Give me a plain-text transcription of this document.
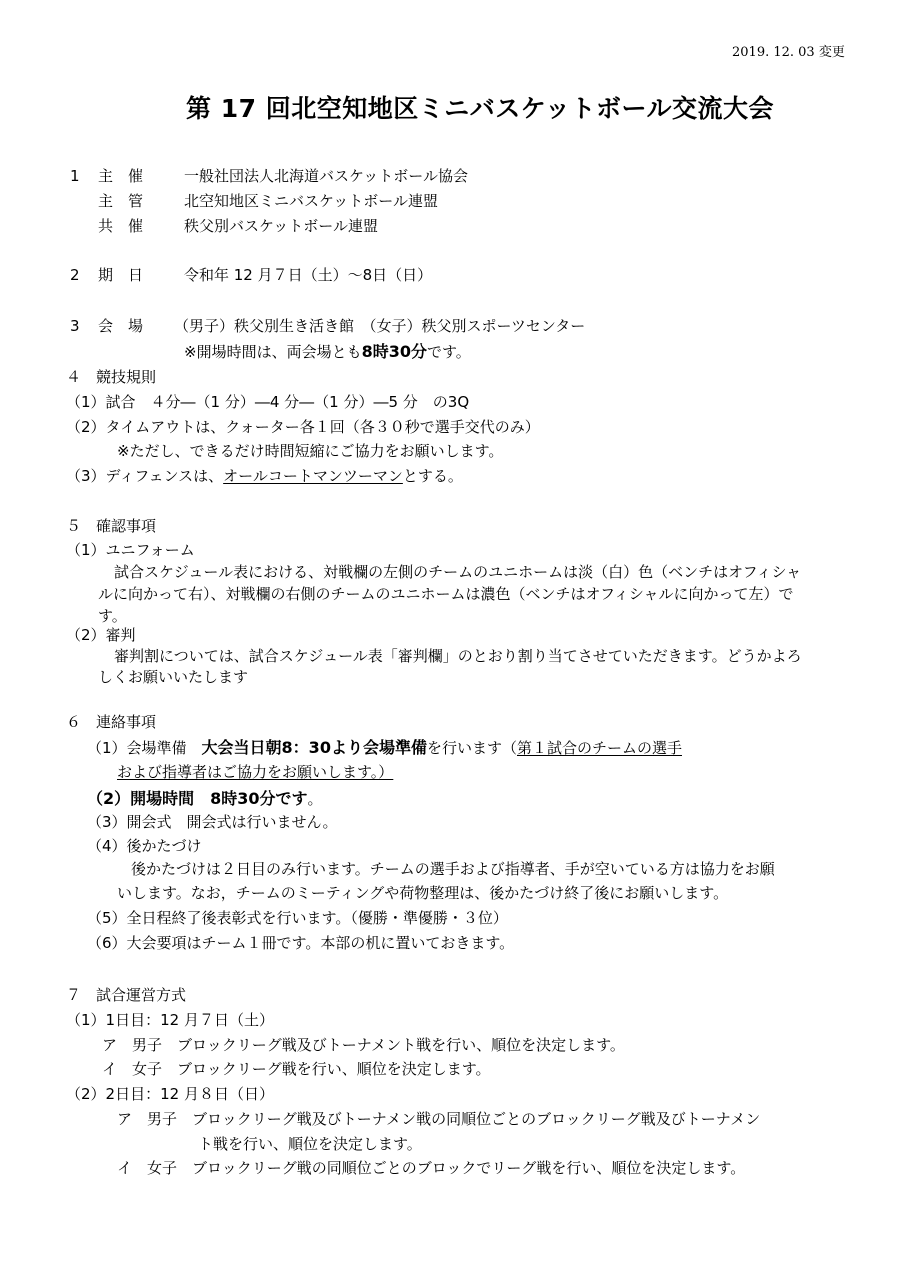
2019. 12. 03 変更
第 17 回北空知地区ミニバスケットボール交流大会
1 主　催	一般社団法人北海道バスケットボール協会
主　管	北空知地区ミニバスケットボール連盟
共　催	秩父別バスケットボール連盟
2 期　日	令和年 12 月７日（土）～8日（日）
3 会　場 （男子）秩父別生き活き館　（女子）秩父別スポーツセンター
※開場時間は、両会場とも8時30分です。
４　競技規則
（1）試合　４分―（1 分）―4 分―（1 分）―5 分　の3Q
（2）タイムアウトは、クォーター各１回（各３０秒で選手交代のみ）
※ただし、できるだけ時間短縮にご協力をお願いします。
（3）ディフェンスは、オールコートマンツーマンとする。
５　確認事項
（1）ユニフォーム
試合スケジュール表における、対戦欄の左側のチームのユニホームは淡（白）色（ベンチはオフィシャ
ルに向かって右）、対戦欄の右側のチームのユニホームは濃色（ベンチはオフィシャルに向かって左）で
す。
（2）審判
審判割については、試合スケジュール表「審判欄」のとおり割り当てさせていただきます。どうかよろ
しくお願いいたします
６　連絡事項
（1）会場準備　大会当日朝8：30より会場準備を行います（第１試合のチームの選手
および指導者はご協力をお願いします。）
（2）開場時間　8時30分です。
（3）開会式　開会式は行いません。
（4）後かたづけ
後かたづけは２日目のみ行います。チームの選手および指導者、手が空いている方は協力をお願
いします。なお，チームのミーティングや荷物整理は、後かたづけ終了後にお願いします。
（5）全日程終了後表彰式を行います。（優勝・準優勝・３位）
（6）大会要項はチーム１冊です。本部の机に置いておきます。
７　試合運営方式
（1）1日目：12 月７日（土）
ア　男子　ブロックリーグ戦及びトーナメント戦を行い、順位を決定します。
イ　女子　ブロックリーグ戦を行い、順位を決定します。
（2）2日目：12 月８日（日）
ア　男子　ブロックリーグ戦及びトーナメン戦の同順位ごとのブロックリーグ戦及びトーナメン
ト戦を行い、順位を決定します。
イ　女子　ブロックリーグ戦の同順位ごとのブロックでリーグ戦を行い、順位を決定します。
